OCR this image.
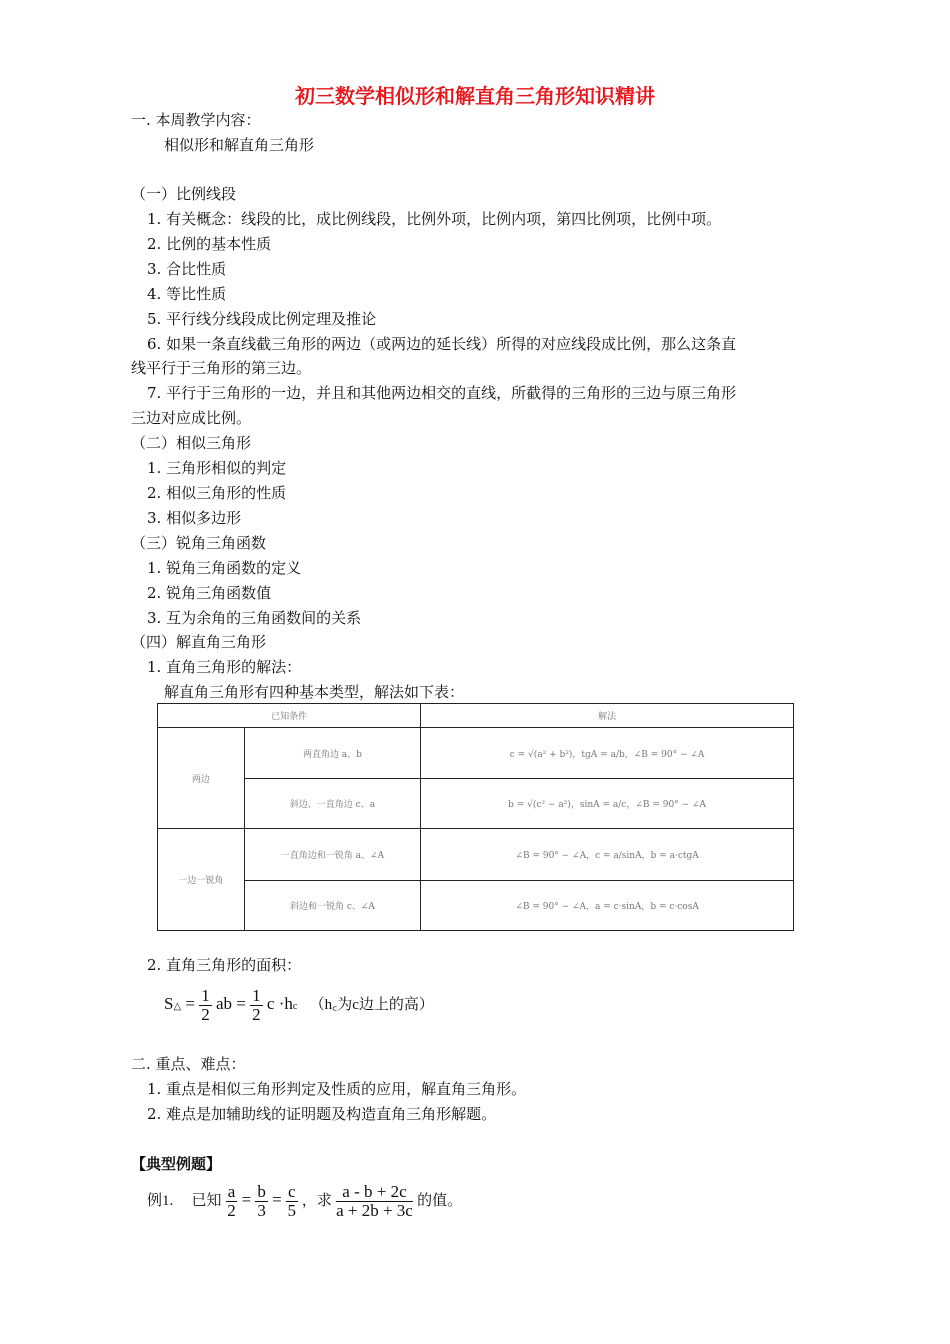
初三数学相似形和解直角三角形知识精讲
一. 本周教学内容：
相似形和解直角三角形
（一）比例线段
1. 有关概念：线段的比，成比例线段，比例外项，比例内项，第四比例项，比例中项。
2. 比例的基本性质
3. 合比性质
4. 等比性质
5. 平行线分线段成比例定理及推论
6. 如果一条直线截三角形的两边（或两边的延长线）所得的对应线段成比例，那么这条直
线平行于三角形的第三边。
7. 平行于三角形的一边，并且和其他两边相交的直线，所截得的三角形的三边与原三角形
三边对应成比例。
（二）相似三角形
1. 三角形相似的判定
2. 相似三角形的性质
3. 相似多边形
（三）锐角三角函数
1. 锐角三角函数的定义
2. 锐角三角函数值
3. 互为余角的三角函数间的关系
（四）解直角三角形
1. 直角三角形的解法：
解直角三角形有四种基本类型，解法如下表：
已知条件		解法
两边	两直角边 a、b	c = √(a² + b²)，tgA = a/b，∠B = 90° − ∠A
	斜边、一直角边 c、a	b = √(c² − a²)，sinA = a/c，∠B = 90° − ∠A
一边一锐角	一直角边和一锐角 a、∠A	∠B = 90° − ∠A，c = a/sinA，b = a·ctgA
	斜边和一锐角 c、∠A	∠B = 90° − ∠A，a = c·sinA，b = c·cosA
2. 直角三角形的面积：
S△ = $\frac{1}{2}$ ab = $\frac{1}{2}$ c ·hc （h꜀为c边上的高）
二. 重点、难点：
1. 重点是相似三角形判定及性质的应用，解直角三角形。
2. 难点是加辅助线的证明题及构造直角三角形解题。
【典型例题】
例1. 已知 $\frac{a}{2} = \frac{b}{3} = \frac{c}{5}$ ，求 $\frac{a - b + 2c}{a + 2b + 3c}$ 的值。
